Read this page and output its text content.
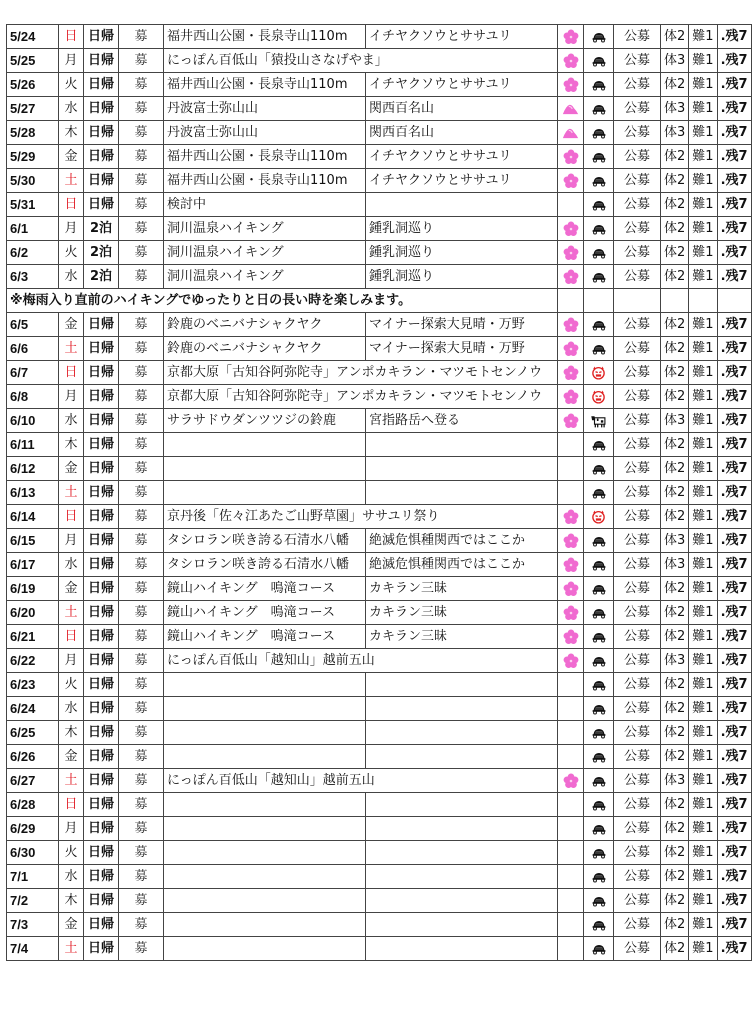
5/24	日	日帰	募	福井西山公園・長泉寺山110m	イチヤクソウとササユリ			公募	体2	難1	.残7
5/25	月	日帰	募	にっぽん百低山「猿投山さなげやま」				公募	体3	難1	.残7
5/26	火	日帰	募	福井西山公園・長泉寺山110m	イチヤクソウとササユリ			公募	体2	難1	.残7
5/27	水	日帰	募	丹波富士弥山山	関西百名山			公募	体3	難1	.残7
5/28	木	日帰	募	丹波富士弥山山	関西百名山			公募	体3	難1	.残7
5/29	金	日帰	募	福井西山公園・長泉寺山110m	イチヤクソウとササユリ			公募	体2	難1	.残7
5/30	土	日帰	募	福井西山公園・長泉寺山110m	イチヤクソウとササユリ			公募	体2	難1	.残7
5/31	日	日帰	募	検討中				公募	体2	難1	.残7
6/1	月	2泊	募	洞川温泉ハイキング	鍾乳洞巡り			公募	体2	難1	.残7
6/2	火	2泊	募	洞川温泉ハイキング	鍾乳洞巡り			公募	体2	難1	.残7
6/3	水	2泊	募	洞川温泉ハイキング	鍾乳洞巡り			公募	体2	難1	.残7
※梅雨入り直前のハイキングでゆったりと日の長い時を楽しみます。											
6/5	金	日帰	募	鈴鹿のベニバナシャクヤク	マイナー探索大見晴・万野			公募	体2	難1	.残7
6/6	土	日帰	募	鈴鹿のベニバナシャクヤク	マイナー探索大見晴・万野			公募	体2	難1	.残7
6/7	日	日帰	募	京都大原「古知谷阿弥陀寺」アンポカキラン・マツモトセンノウ				公募	体2	難1	.残7
6/8	月	日帰	募	京都大原「古知谷阿弥陀寺」アンポカキラン・マツモトセンノウ				公募	体2	難1	.残7
6/10	水	日帰	募	サラサドウダンツツジの鈴鹿	宮指路岳へ登る			公募	体3	難1	.残7
6/11	木	日帰	募					公募	体2	難1	.残7
6/12	金	日帰	募					公募	体2	難1	.残7
6/13	土	日帰	募					公募	体2	難1	.残7
6/14	日	日帰	募	京丹後「佐々江あたご山野草園」ササユリ祭り				公募	体2	難1	.残7
6/15	月	日帰	募	タシロラン咲き誇る石清水八幡	絶滅危惧種関西ではここか			公募	体3	難1	.残7
6/17	水	日帰	募	タシロラン咲き誇る石清水八幡	絶滅危惧種関西ではここか			公募	体3	難1	.残7
6/19	金	日帰	募	鏡山ハイキング　鳴滝コース	カキラン三昧			公募	体2	難1	.残7
6/20	土	日帰	募	鏡山ハイキング　鳴滝コース	カキラン三昧			公募	体2	難1	.残7
6/21	日	日帰	募	鏡山ハイキング　鳴滝コース	カキラン三昧			公募	体2	難1	.残7
6/22	月	日帰	募	にっぽん百低山「越知山」越前五山				公募	体3	難1	.残7
6/23	火	日帰	募					公募	体2	難1	.残7
6/24	水	日帰	募					公募	体2	難1	.残7
6/25	木	日帰	募					公募	体2	難1	.残7
6/26	金	日帰	募					公募	体2	難1	.残7
6/27	土	日帰	募	にっぽん百低山「越知山」越前五山				公募	体3	難1	.残7
6/28	日	日帰	募					公募	体2	難1	.残7
6/29	月	日帰	募					公募	体2	難1	.残7
6/30	火	日帰	募					公募	体2	難1	.残7
7/1	水	日帰	募					公募	体2	難1	.残7
7/2	木	日帰	募					公募	体2	難1	.残7
7/3	金	日帰	募					公募	体2	難1	.残7
7/4	土	日帰	募					公募	体2	難1	.残7
